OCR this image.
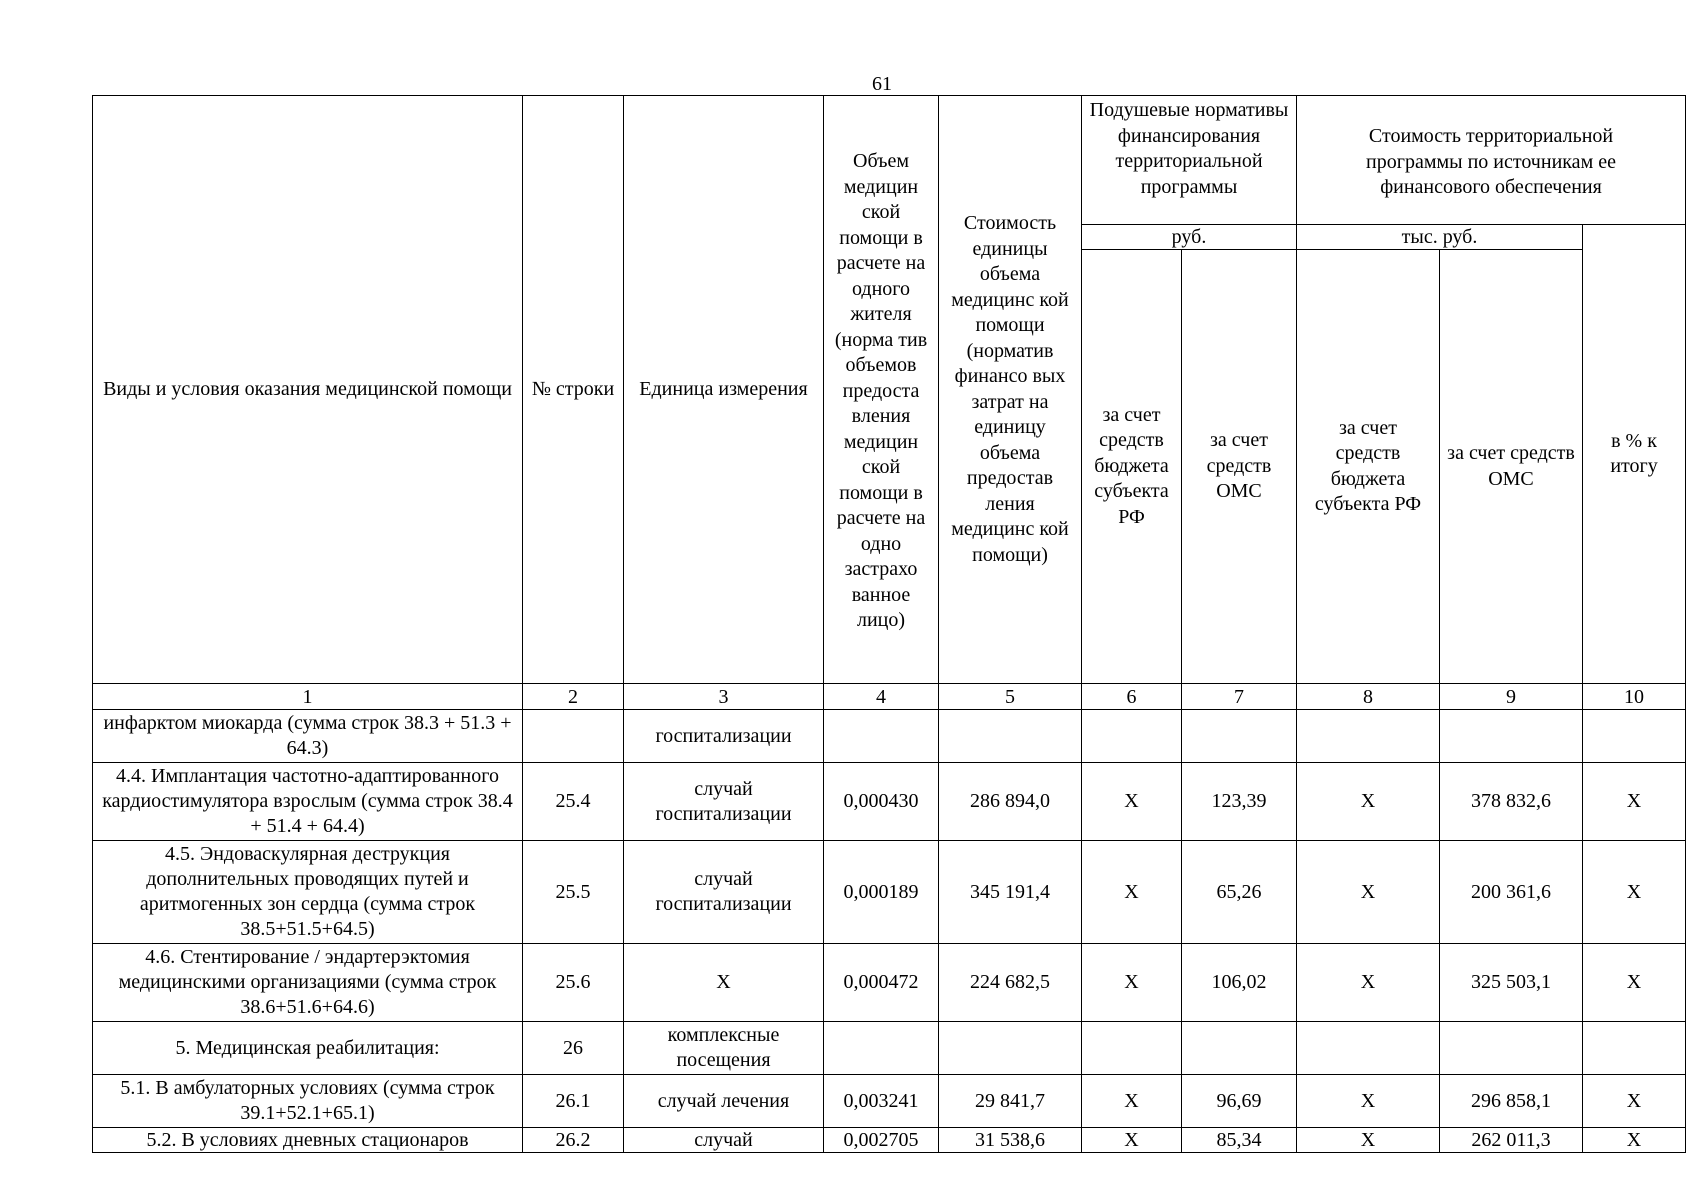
61
Виды и условия оказания медицинской помощи	№ строки	Единица измерения	Объем медицин ской помощи в расчете на одного жителя (норма тив объемов предоста вления медицин ской помощи в расчете на одно застрахо ванное лицо)	Стоимость единицы объема медицинс кой помощи (норматив финансо вых затрат на единицу объема предостав ления медицинс кой помощи)	Подушевые нормативы финансирования территориальной программы		Стоимость территориальной программы по источникам ее финансового обеспечения		
					руб.		тыс. руб.		в % к итогу
					за счет средств бюджета субъекта РФ	за счет средств ОМС	за счет средств бюджета субъекта РФ	за счет средств ОМС	
1	2	3	4	5	6	7	8	9	10
инфарктом миокарда (сумма строк 38.3 + 51.3 + 64.3)		госпитализации							
4.4. Имплантация частотно-адаптированного кардиостимулятора взрослым (сумма строк 38.4 + 51.4 + 64.4)	25.4	случай госпитализации	0,000430	286 894,0	X	123,39	X	378 832,6	X
4.5. Эндоваскулярная деструкция дополнительных проводящих путей и аритмогенных зон сердца (сумма строк 38.5+51.5+64.5)	25.5	случай госпитализации	0,000189	345 191,4	X	65,26	X	200 361,6	X
4.6. Стентирование / эндартерэктомия медицинскими организациями (сумма строк 38.6+51.6+64.6)	25.6	X	0,000472	224 682,5	X	106,02	X	325 503,1	X
5. Медицинская реабилитация:	26	комплексные посещения							
5.1. В амбулаторных условиях (сумма строк 39.1+52.1+65.1)	26.1	случай лечения	0,003241	29 841,7	X	96,69	X	296 858,1	X
5.2. В условиях дневных стационаров	26.2	случай	0,002705	31 538,6	X	85,34	X	262 011,3	X
